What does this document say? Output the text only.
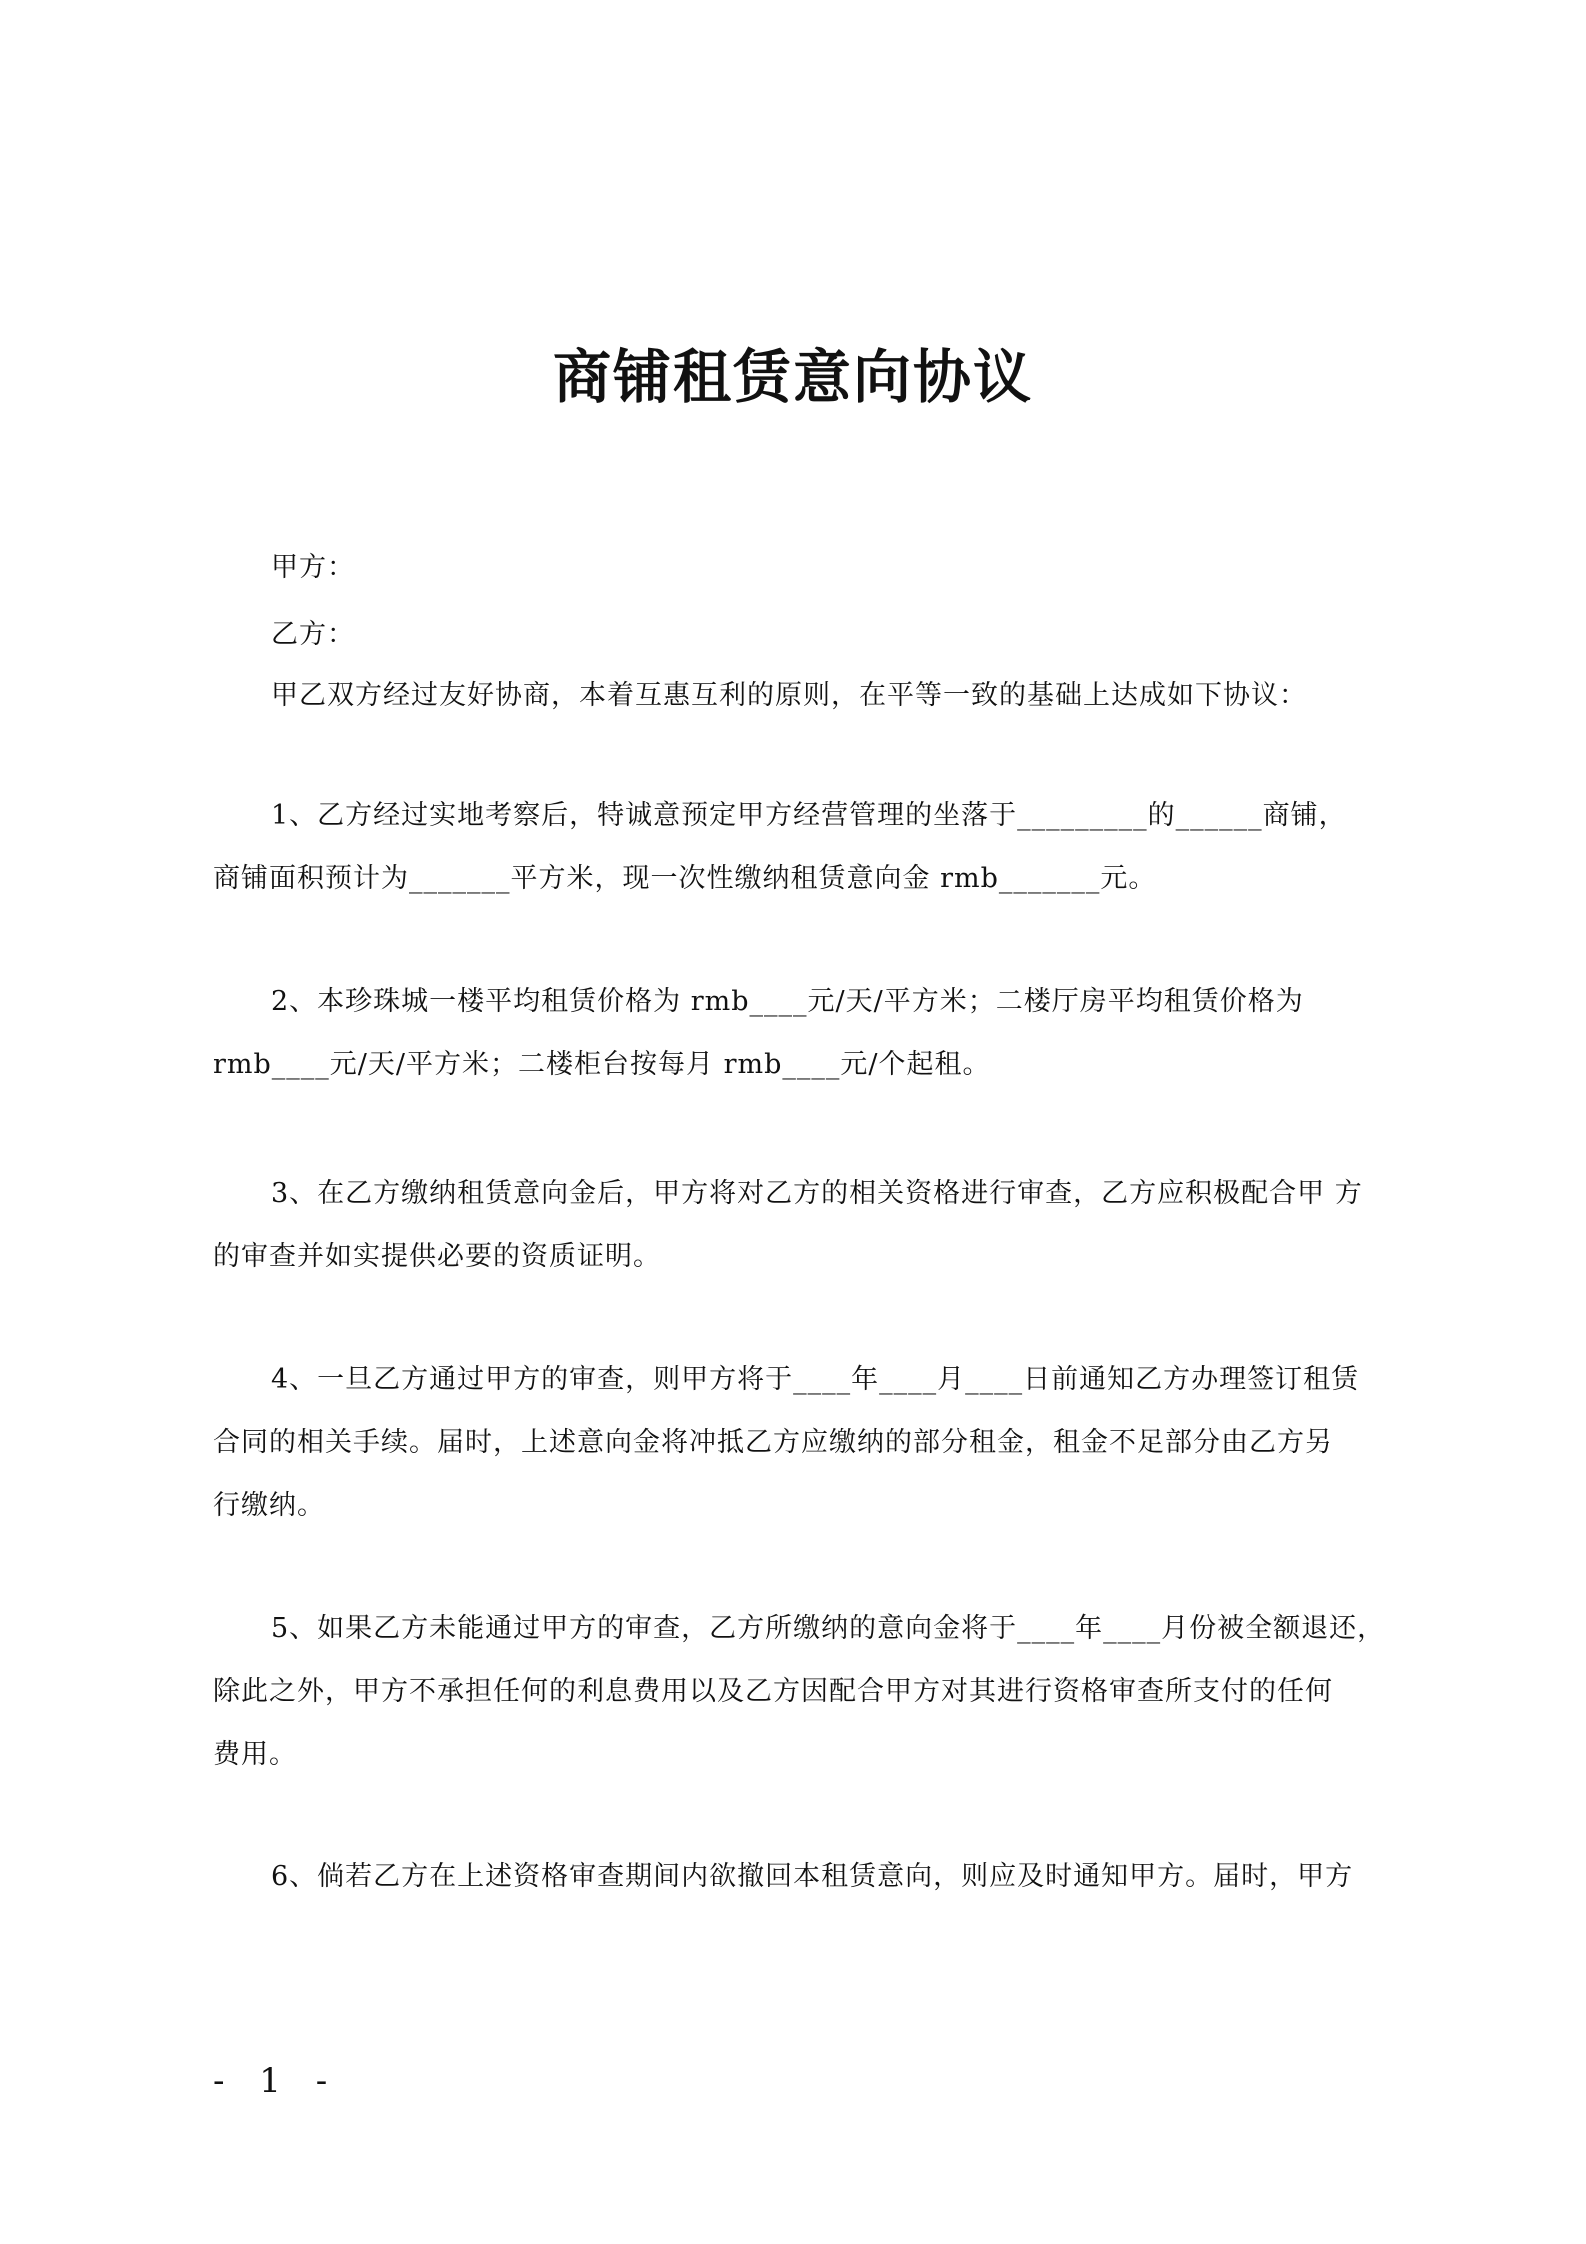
商铺租赁意向协议
甲方：
乙方：
甲乙双方经过友好协商，本着互惠互利的原则，在平等一致的基础上达成如下协议：
1、乙方经过实地考察后，特诚意预定甲方经营管理的坐落于_________的______商铺，
商铺面积预计为_______平方米，现一次性缴纳租赁意向金 rmb_______元。
2、本珍珠城一楼平均租赁价格为 rmb____元/天/平方米；二楼厅房平均租赁价格为
rmb____元/天/平方米；二楼柜台按每月 rmb____元/个起租。
3、在乙方缴纳租赁意向金后，甲方将对乙方的相关资格进行审查，乙方应积极配合甲 方
的审查并如实提供必要的资质证明。
4、一旦乙方通过甲方的审查，则甲方将于____年____月____日前通知乙方办理签订租赁
合同的相关手续。届时，上述意向金将冲抵乙方应缴纳的部分租金，租金不足部分由乙方另
行缴纳。
5、如果乙方未能通过甲方的审查，乙方所缴纳的意向金将于____年____月份被全额退还，
除此之外，甲方不承担任何的利息费用以及乙方因配合甲方对其进行资格审查所支付的任何
费用。
6、倘若乙方在上述资格审查期间内欲撤回本租赁意向，则应及时通知甲方。届时，甲方
- 1 -
